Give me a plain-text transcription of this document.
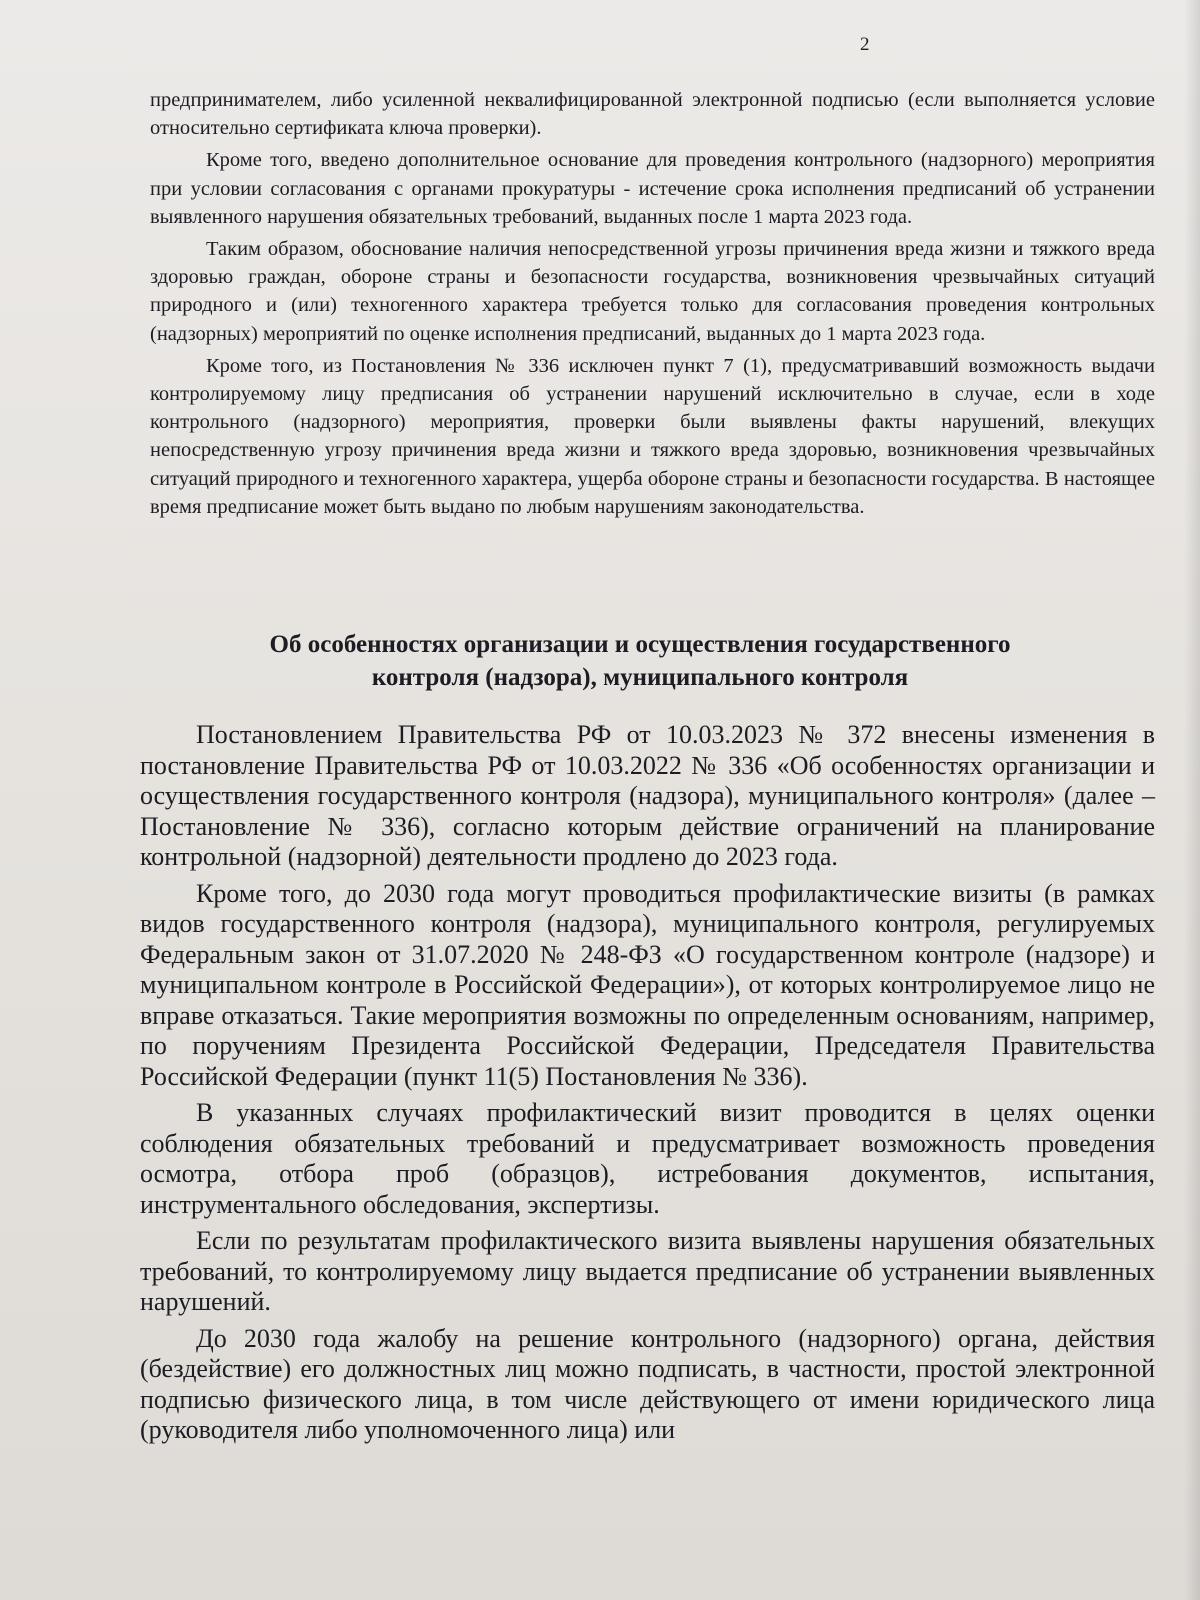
2

предпринимателем, либо усиленной неквалифицированной электронной подписью (если выполняется условие относительно сертификата ключа проверки).

Кроме того, введено дополнительное основание для проведения контрольного (надзорного) мероприятия при условии согласования с органами прокуратуры - истечение срока исполнения предписаний об устранении выявленного нарушения обязательных требований, выданных после 1 марта 2023 года.

Таким образом, обоснование наличия непосредственной угрозы причинения вреда жизни и тяжкого вреда здоровью граждан, обороне страны и безопасности государства, возникновения чрезвычайных ситуаций природного и (или) техногенного характера требуется только для согласования проведения контрольных (надзорных) мероприятий по оценке исполнения предписаний, выданных до 1 марта 2023 года.

Кроме того, из Постановления № 336 исключен пункт 7 (1), предусматривавший возможность выдачи контролируемому лицу предписания об устранении нарушений исключительно в случае, если в ходе контрольного (надзорного) мероприятия, проверки были выявлены факты нарушений, влекущих непосредственную угрозу причинения вреда жизни и тяжкого вреда здоровью, возникновения чрезвычайных ситуаций природного и техногенного характера, ущерба обороне страны и безопасности государства. В настоящее время предписание может быть выдано по любым нарушениям законодательства.

Об особенностях организации и осуществления государственного
контроля (надзора), муниципального контроля

Постановлением Правительства РФ от 10.03.2023 № 372 внесены изменения в постановление Правительства РФ от 10.03.2022 № 336 «Об особенностях организации и осуществления государственного контроля (надзора), муниципального контроля» (далее – Постановление № 336), согласно которым действие ограничений на планирование контрольной (надзорной) деятельности продлено до 2023 года.

Кроме того, до 2030 года могут проводиться профилактические визиты (в рамках видов государственного контроля (надзора), муниципального контроля, регулируемых Федеральным закон от 31.07.2020 № 248-ФЗ «О государственном контроле (надзоре) и муниципальном контроле в Российской Федерации»), от которых контролируемое лицо не вправе отказаться. Такие мероприятия возможны по определенным основаниям, например, по поручениям Президента Российской Федерации, Председателя Правительства Российской Федерации (пункт 11(5) Постановления № 336).

В указанных случаях профилактический визит проводится в целях оценки соблюдения обязательных требований и предусматривает возможность проведения осмотра, отбора проб (образцов), истребования документов, испытания, инструментального обследования, экспертизы.

Если по результатам профилактического визита выявлены нарушения обязательных требований, то контролируемому лицу выдается предписание об устранении выявленных нарушений.

До 2030 года жалобу на решение контрольного (надзорного) органа, действия (бездействие) его должностных лиц можно подписать, в частности, простой электронной подписью физического лица, в том числе действующего от имени юридического лица (руководителя либо уполномоченного лица) или
